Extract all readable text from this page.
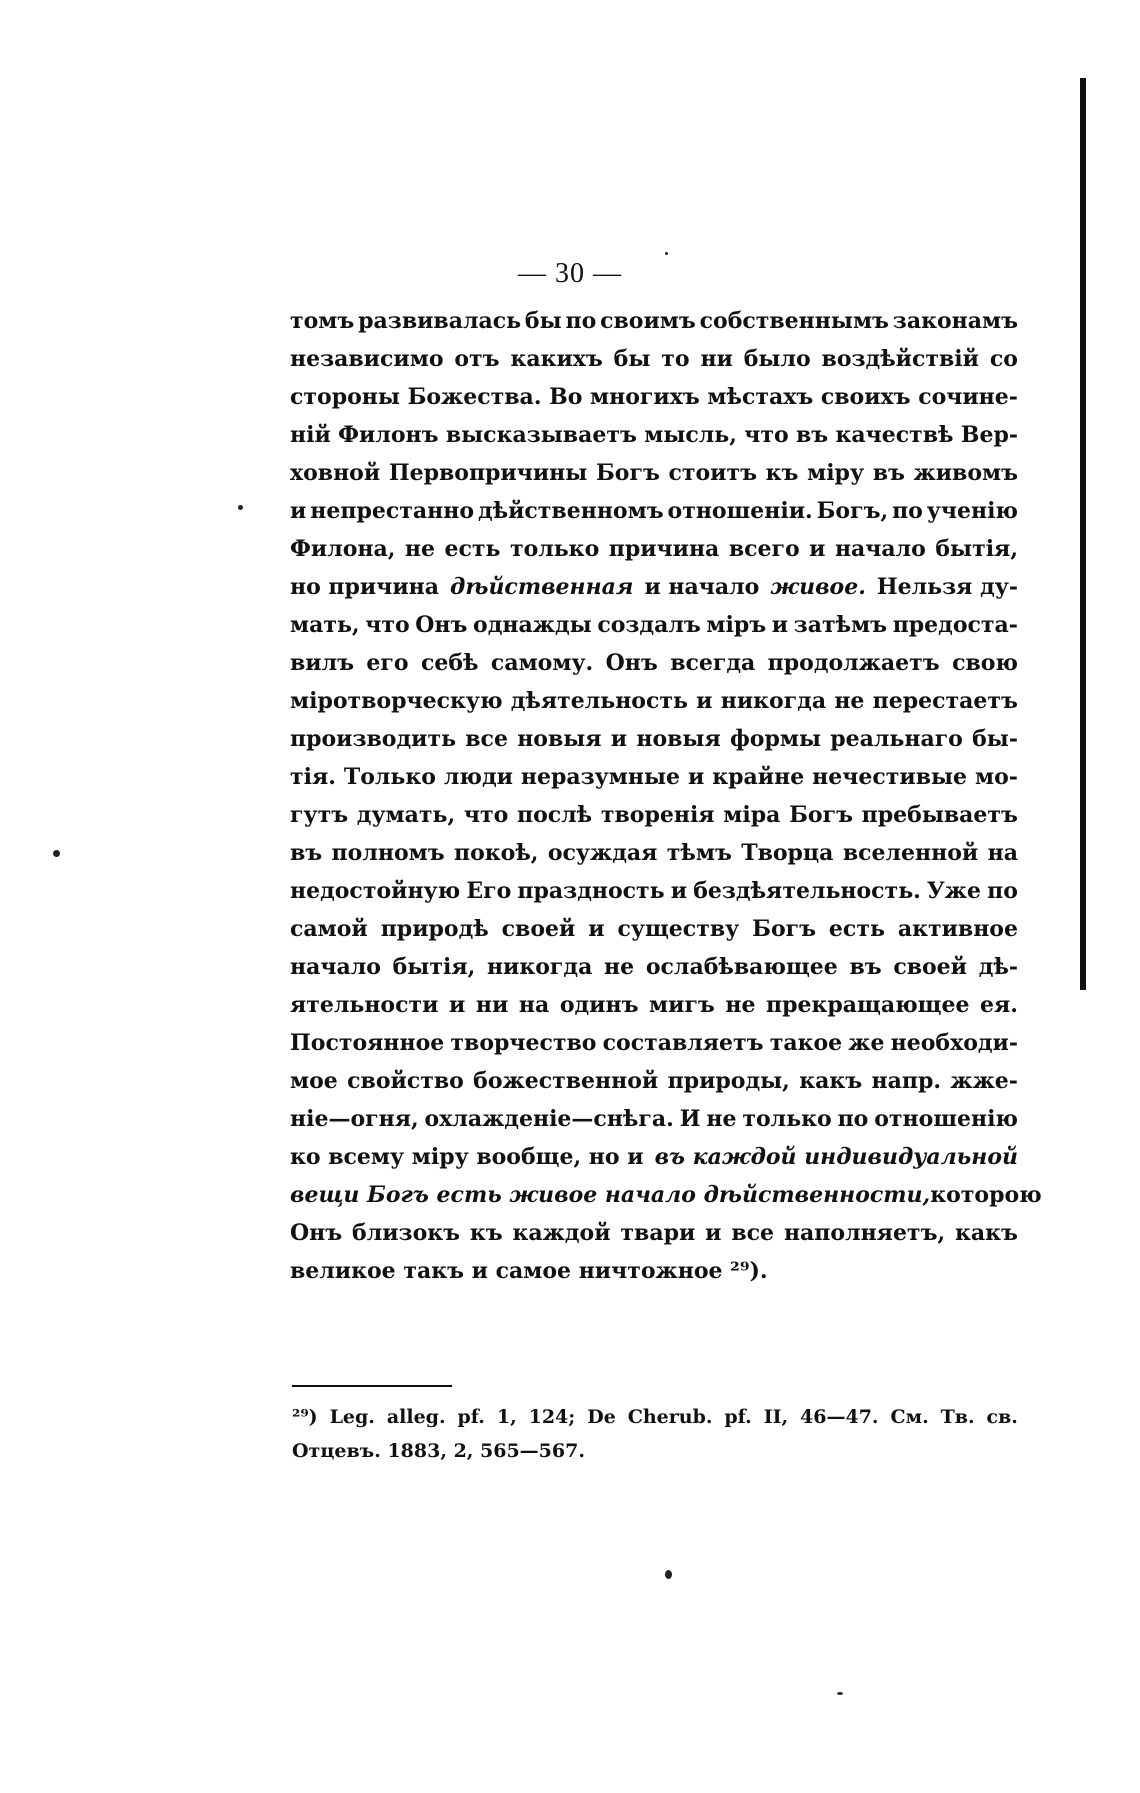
— 30 —
томъ развивалась бы по своимъ собственнымъ законамъ
независимо отъ какихъ бы то ни было воздѣйствій со
стороны Божества. Во многихъ мѣстахъ своихъ сочине-
ній Филонъ высказываетъ мысль, что въ качествѣ Вер-
ховной Первопричины Богъ стоитъ къ міру въ живомъ
и непрестанно дѣйственномъ отношеніи. Богъ, по ученію
Филона, не есть только причина всего и начало бытія,
но причина дѣйственная и начало живое. Нельзя ду-
мать, что Онъ однажды создалъ міръ и затѣмъ предоста-
вилъ его себѣ самому. Онъ всегда продолжаетъ свою
міротворческую дѣятельность и никогда не перестаетъ
производить все новыя и новыя формы реальнаго бы-
тія. Только люди неразумные и крайне нечестивые мо-
гутъ думать, что послѣ творенія міра Богъ пребываетъ
въ полномъ покоѣ, осуждая тѣмъ Творца вселенной на
недостойную Его праздность и бездѣятельность. Уже по
самой природѣ своей и существу Богъ есть активное
начало бытія, никогда не ослабѣвающее въ своей дѣ-
ятельности и ни на одинъ мигъ не прекращающее ея.
Постоянное творчество составляетъ такое же необходи-
мое свойство божественной природы, какъ напр. жже-
ніе—огня, охлажденіе—снѣга. И не только по отношенію
ко всему міру вообще, но и въ каждой индивидуальной
вещи Богъ есть живое начало дѣйственности, которою
Онъ близокъ къ каждой твари и все наполняетъ, какъ
великое такъ и самое ничтожное ²⁹).
²⁹) Leg. alleg. pf. 1, 124; De Cherub. pf. II, 46—47. См. Тв. св.
Отцевъ. 1883, 2, 565—567.
